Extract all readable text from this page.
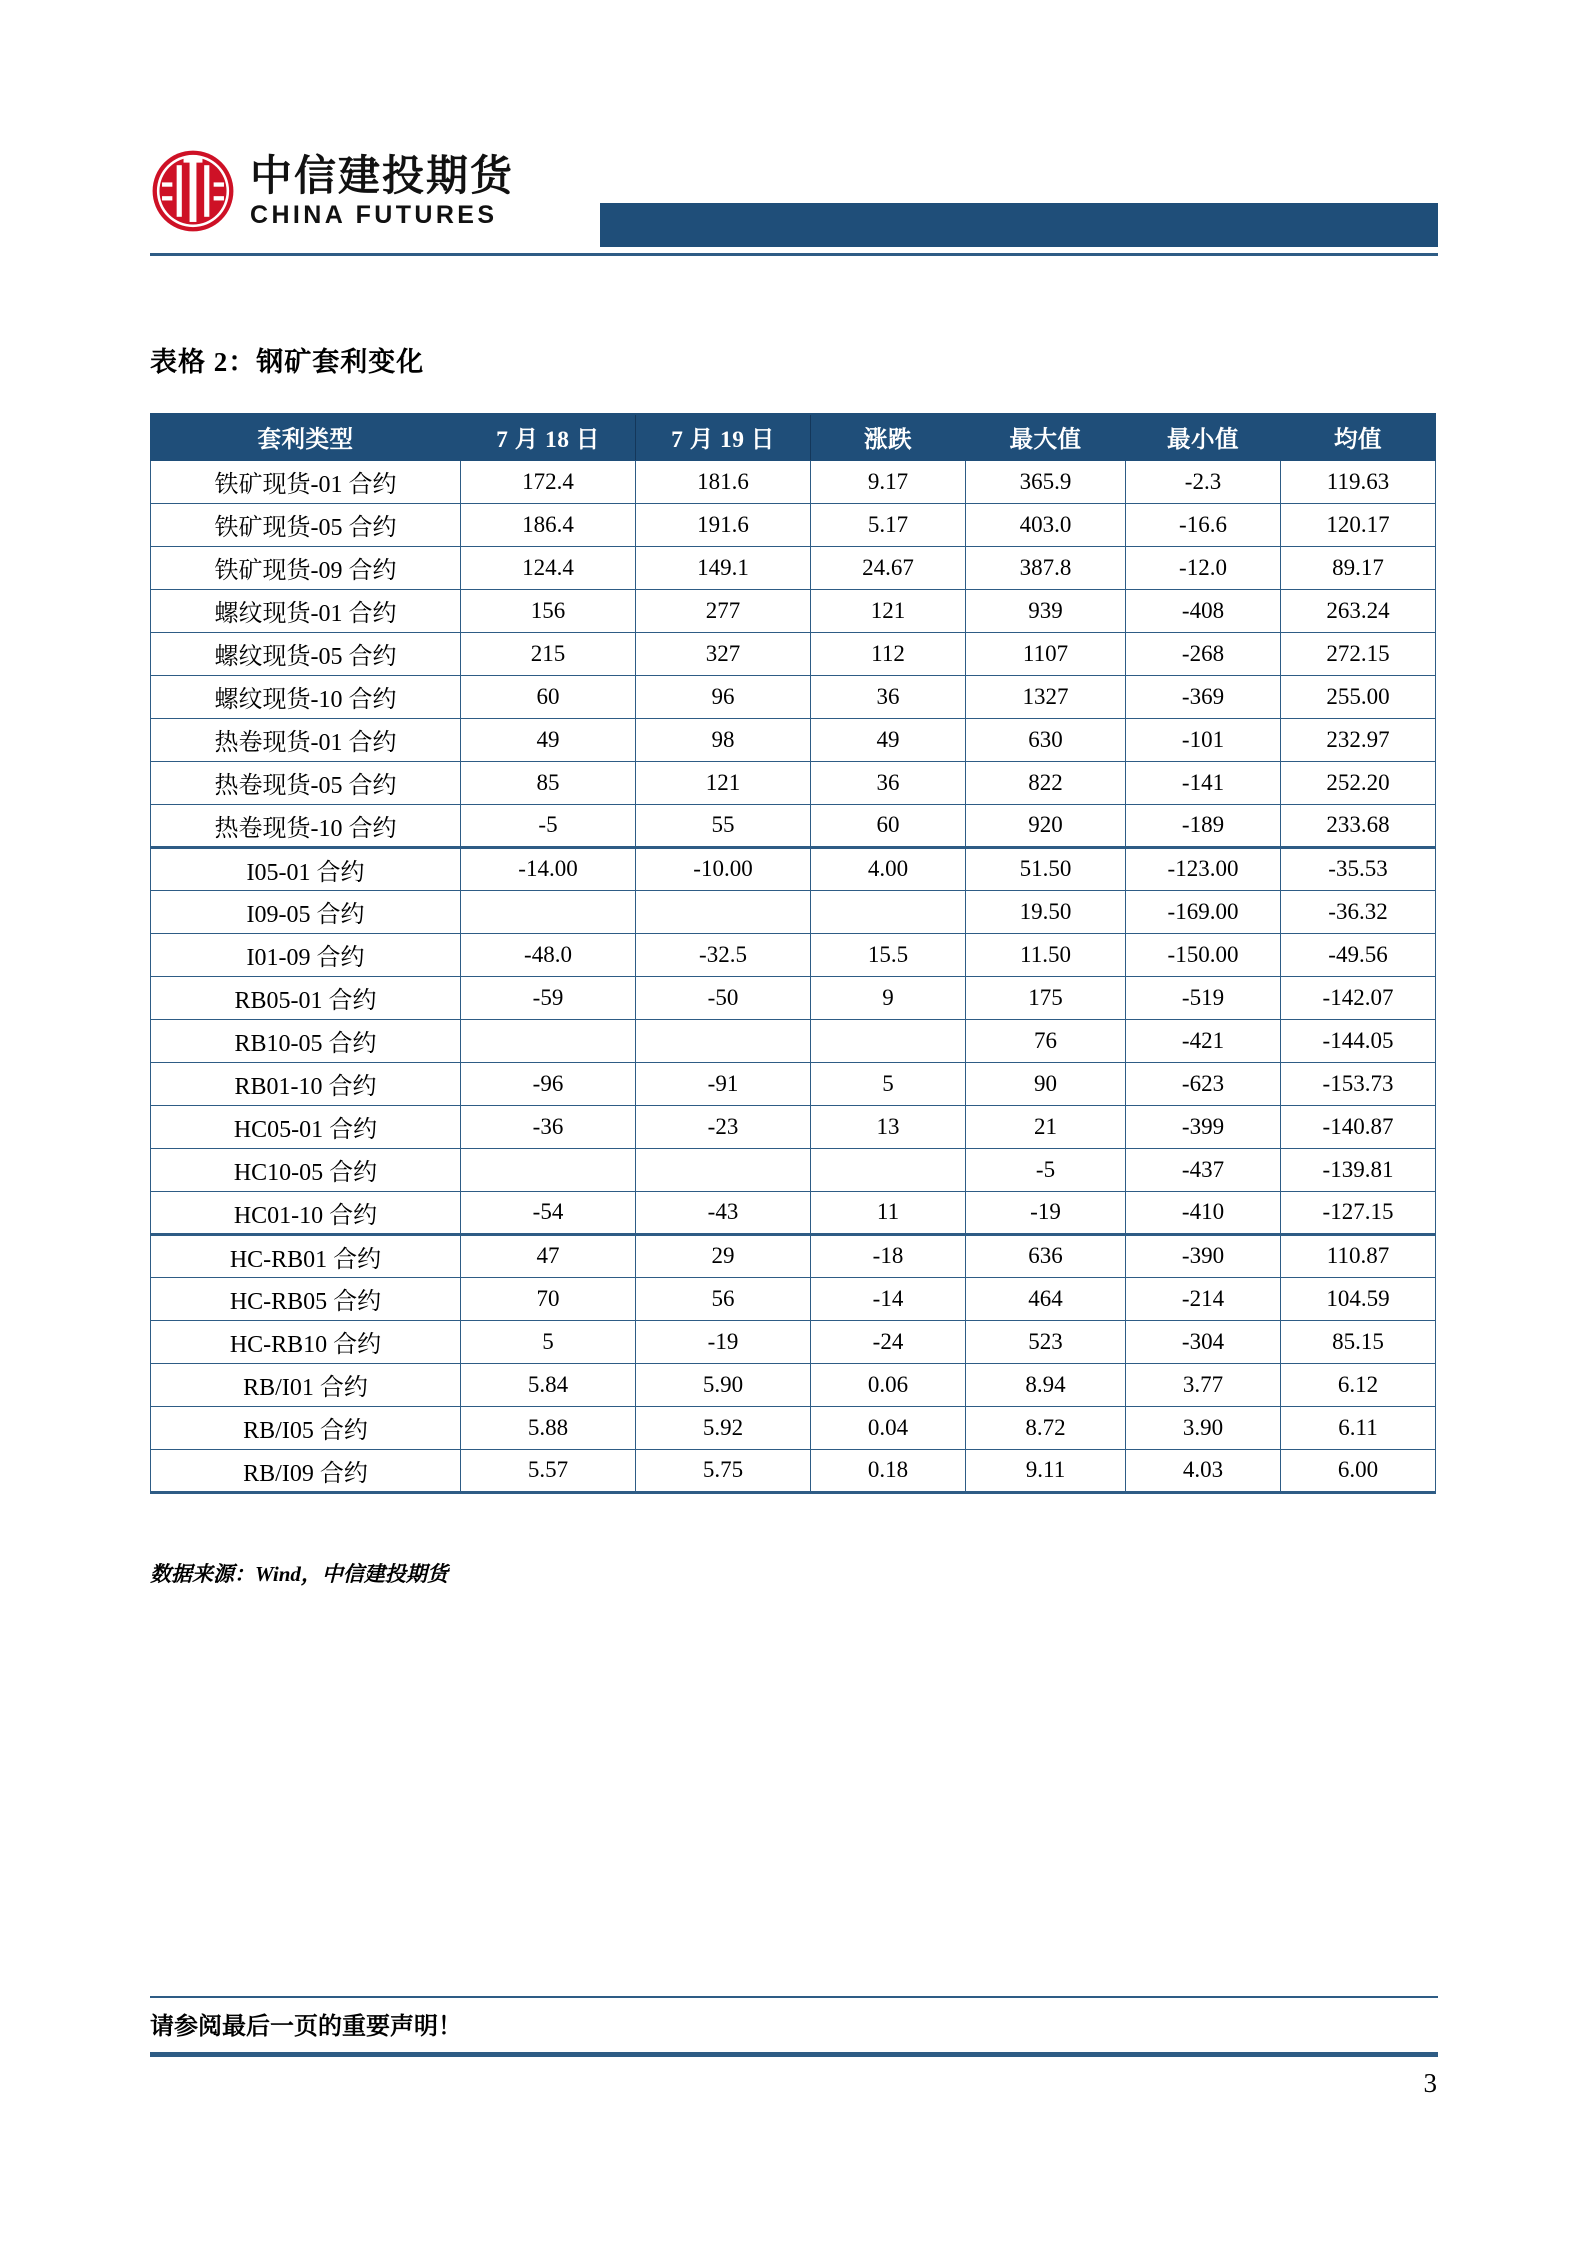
中信建投期货
CHINA FUTURES
表格 2：钢矿套利变化
套利类型	7 月 18 日	7 月 19 日	涨跌	最大值	最小值	均值
铁矿现货-01 合约	172.4	181.6	9.17	365.9	-2.3	119.63
铁矿现货-05 合约	186.4	191.6	5.17	403.0	-16.6	120.17
铁矿现货-09 合约	124.4	149.1	24.67	387.8	-12.0	89.17
螺纹现货-01 合约	156	277	121	939	-408	263.24
螺纹现货-05 合约	215	327	112	1107	-268	272.15
螺纹现货-10 合约	60	96	36	1327	-369	255.00
热卷现货-01 合约	49	98	49	630	-101	232.97
热卷现货-05 合约	85	121	36	822	-141	252.20
热卷现货-10 合约	-5	55	60	920	-189	233.68
I05-01 合约	-14.00	-10.00	4.00	51.50	-123.00	-35.53
I09-05 合约				19.50	-169.00	-36.32
I01-09 合约	-48.0	-32.5	15.5	11.50	-150.00	-49.56
RB05-01 合约	-59	-50	9	175	-519	-142.07
RB10-05 合约				76	-421	-144.05
RB01-10 合约	-96	-91	5	90	-623	-153.73
HC05-01 合约	-36	-23	13	21	-399	-140.87
HC10-05 合约				-5	-437	-139.81
HC01-10 合约	-54	-43	11	-19	-410	-127.15
HC-RB01 合约	47	29	-18	636	-390	110.87
HC-RB05 合约	70	56	-14	464	-214	104.59
HC-RB10 合约	5	-19	-24	523	-304	85.15
RB/I01 合约	5.84	5.90	0.06	8.94	3.77	6.12
RB/I05 合约	5.88	5.92	0.04	8.72	3.90	6.11
RB/I09 合约	5.57	5.75	0.18	9.11	4.03	6.00
数据来源：Wind，中信建投期货
请参阅最后一页的重要声明！
3
